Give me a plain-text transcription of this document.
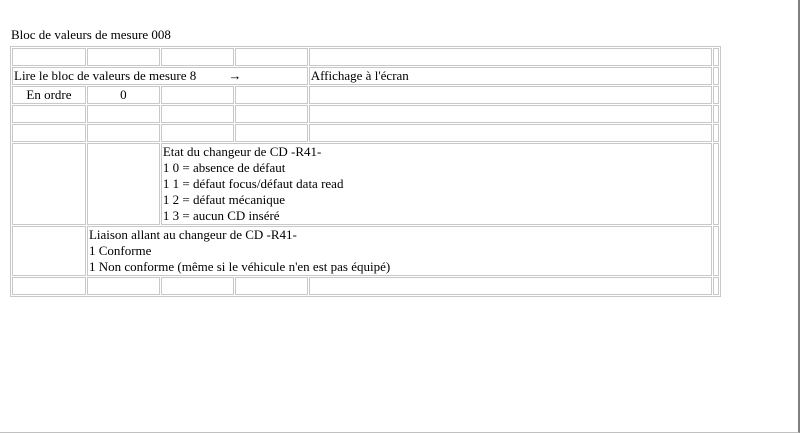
Bloc de valeurs de mesure 008

Lire le bloc de valeurs de mesure 8 →				Affichage à l'écran	
En ordre	0				

		Etat du changeur de CD -R41-
1 0 = absence de défaut
1 1 = défaut focus/défaut data read
1 2 = défaut mécanique
1 3 = aucun CD inséré			

	Liaison allant au changeur de CD -R41-
1 Conforme
1 Non conforme (même si le véhicule n'en est pas équipé)				
